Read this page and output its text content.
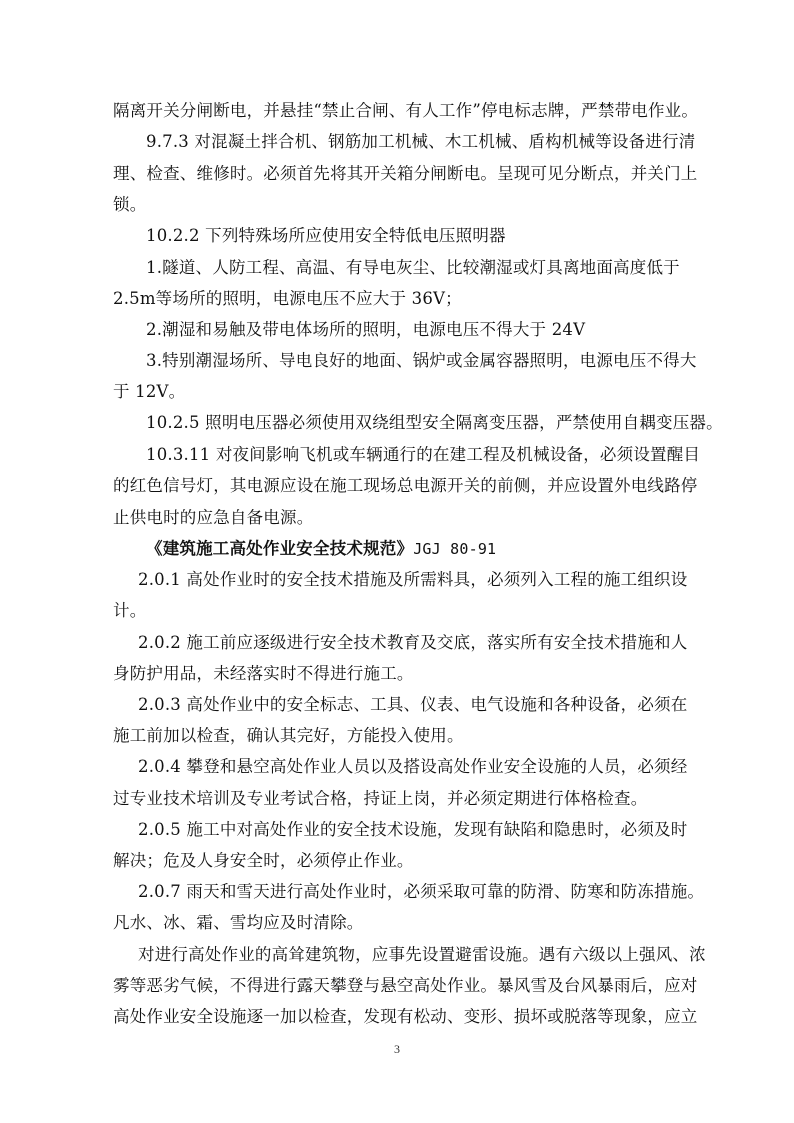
隔离开关分闸断电，并悬挂“禁止合闸、有人工作”停电标志牌，严禁带电作业。
9.7.3 对混凝土拌合机、钢筋加工机械、木工机械、盾构机械等设备进行清
理、检查、维修时。必须首先将其开关箱分闸断电。呈现可见分断点，并关门上
锁。
10.2.2 下列特殊场所应使用安全特低电压照明器
1.隧道、人防工程、高温、有导电灰尘、比较潮湿或灯具离地面高度低于
2.5m等场所的照明，电源电压不应大于 36V；
2.潮湿和易触及带电体场所的照明，电源电压不得大于 24V
3.特别潮湿场所、导电良好的地面、锅炉或金属容器照明，电源电压不得大
于 12V。
10.2.5 照明电压器必须使用双绕组型安全隔离变压器，严禁使用自耦变压器。
10.3.11 对夜间影响飞机或车辆通行的在建工程及机械设备，必须设置醒目
的红色信号灯，其电源应设在施工现场总电源开关的前侧，并应设置外电线路停
止供电时的应急自备电源。
《建筑施工高处作业安全技术规范》JGJ 80-91
2.0.1 高处作业时的安全技术措施及所需料具，必须列入工程的施工组织设
计。
2.0.2 施工前应逐级进行安全技术教育及交底，落实所有安全技术措施和人
身防护用品，未经落实时不得进行施工。
2.0.3 高处作业中的安全标志、工具、仪表、电气设施和各种设备，必须在
施工前加以检查，确认其完好，方能投入使用。
2.0.4 攀登和悬空高处作业人员以及搭设高处作业安全设施的人员，必须经
过专业技术培训及专业考试合格，持证上岗，并必须定期进行体格检查。
2.0.5 施工中对高处作业的安全技术设施，发现有缺陷和隐患时，必须及时
解决；危及人身安全时，必须停止作业。
2.0.7 雨天和雪天进行高处作业时，必须采取可靠的防滑、防寒和防冻措施。
凡水、冰、霜、雪均应及时清除。
对进行高处作业的高耸建筑物，应事先设置避雷设施。遇有六级以上强风、浓
雾等恶劣气候，不得进行露天攀登与悬空高处作业。暴风雪及台风暴雨后，应对
高处作业安全设施逐一加以检查，发现有松动、变形、损坏或脱落等现象，应立
3
